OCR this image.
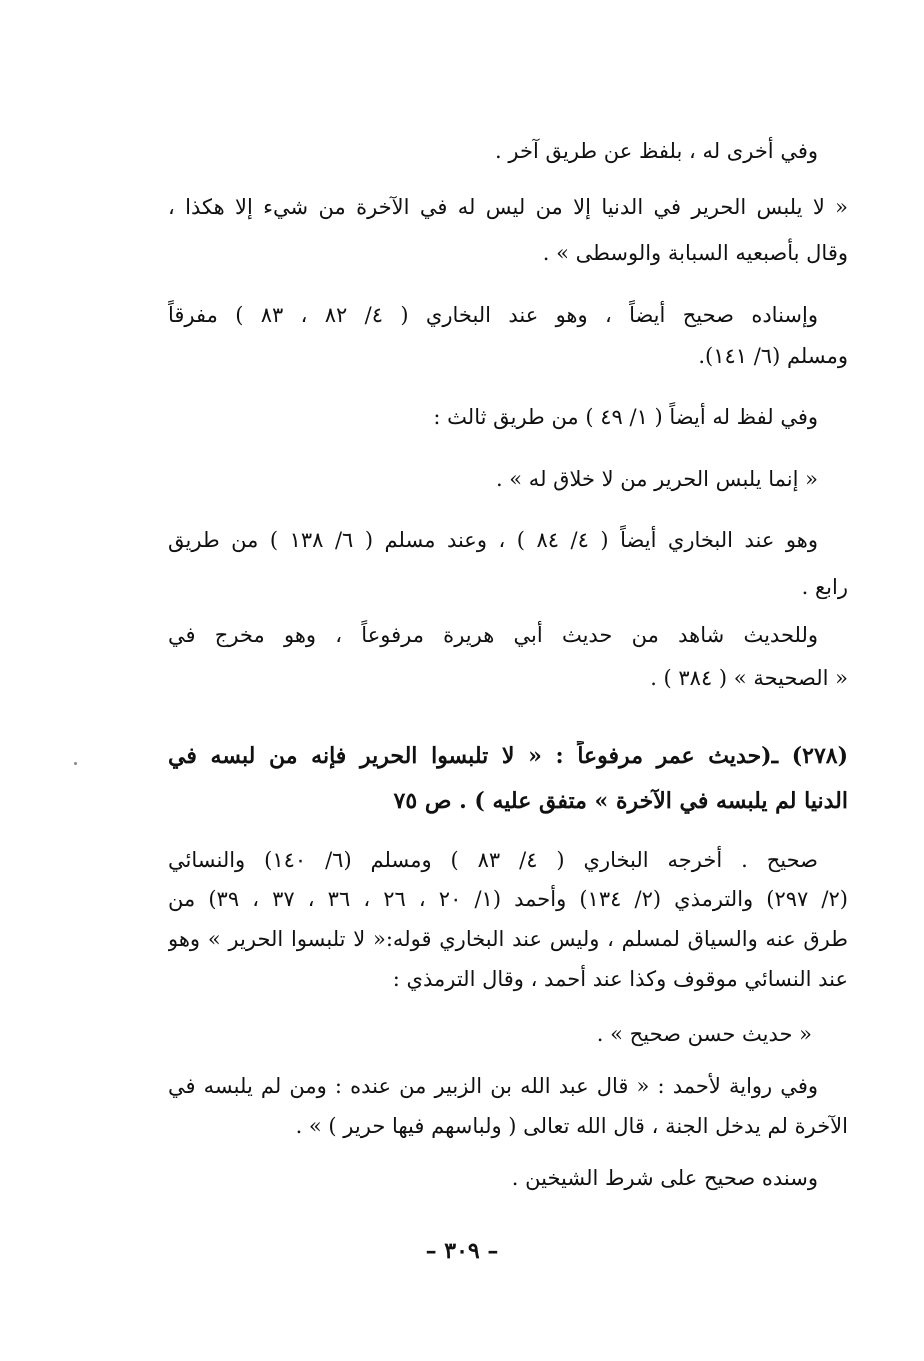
وفي أخرى له ، بلفظ عن طريق آخر .
« لا يلبس الحرير في الدنيا إلا من ليس له في الآخرة من شيء إلا هكذا ،
وقال بأصبعيه السبابة والوسطى » .
وإسناده صحيح أيضاً ، وهو عند البخاري ( ٤/ ٨٢ ، ٨٣ ) مفرقاً
ومسلم (٦/ ١٤١).
وفي لفظ له أيضاً ( ١/ ٤٩ ) من طريق ثالث :
« إنما يلبس الحرير من لا خلاق له » .
وهو عند البخاري أيضاً ( ٤/ ٨٤ ) ، وعند مسلم ( ٦/ ١٣٨ ) من طريق
رابع .
وللحديث شاهد من حديث أبي هريرة مرفوعاً ، وهو مخرج في
« الصحيحة » ( ٣٨٤ ) .
(٢٧٨) ـ(حديث عمر مرفوعاً : « لا تلبسوا الحرير فإنه من لبسه في
الدنيا لم يلبسه في الآخرة » متفق عليه ) . ص ٧٥
صحيح . أخرجه البخاري ( ٤/ ٨٣ ) ومسلم (٦/ ١٤٠) والنسائي
(٢/ ٢٩٧) والترمذي (٢/ ١٣٤) وأحمد (١/ ٢٠ ، ٢٦ ، ٣٦ ، ٣٧ ، ٣٩) من
طرق عنه والسياق لمسلم ، وليس عند البخاري قوله:« لا تلبسوا الحرير » وهو
عند النسائي موقوف وكذا عند أحمد ، وقال الترمذي :
« حديث حسن صحيح » .
وفي رواية لأحمد : « قال عبد الله بن الزبير من عنده : ومن لم يلبسه في
الآخرة لم يدخل الجنة ، قال الله تعالى ( ولباسهم فيها حرير ) » .
وسنده صحيح على شرط الشيخين .
– ٣٠٩ –
